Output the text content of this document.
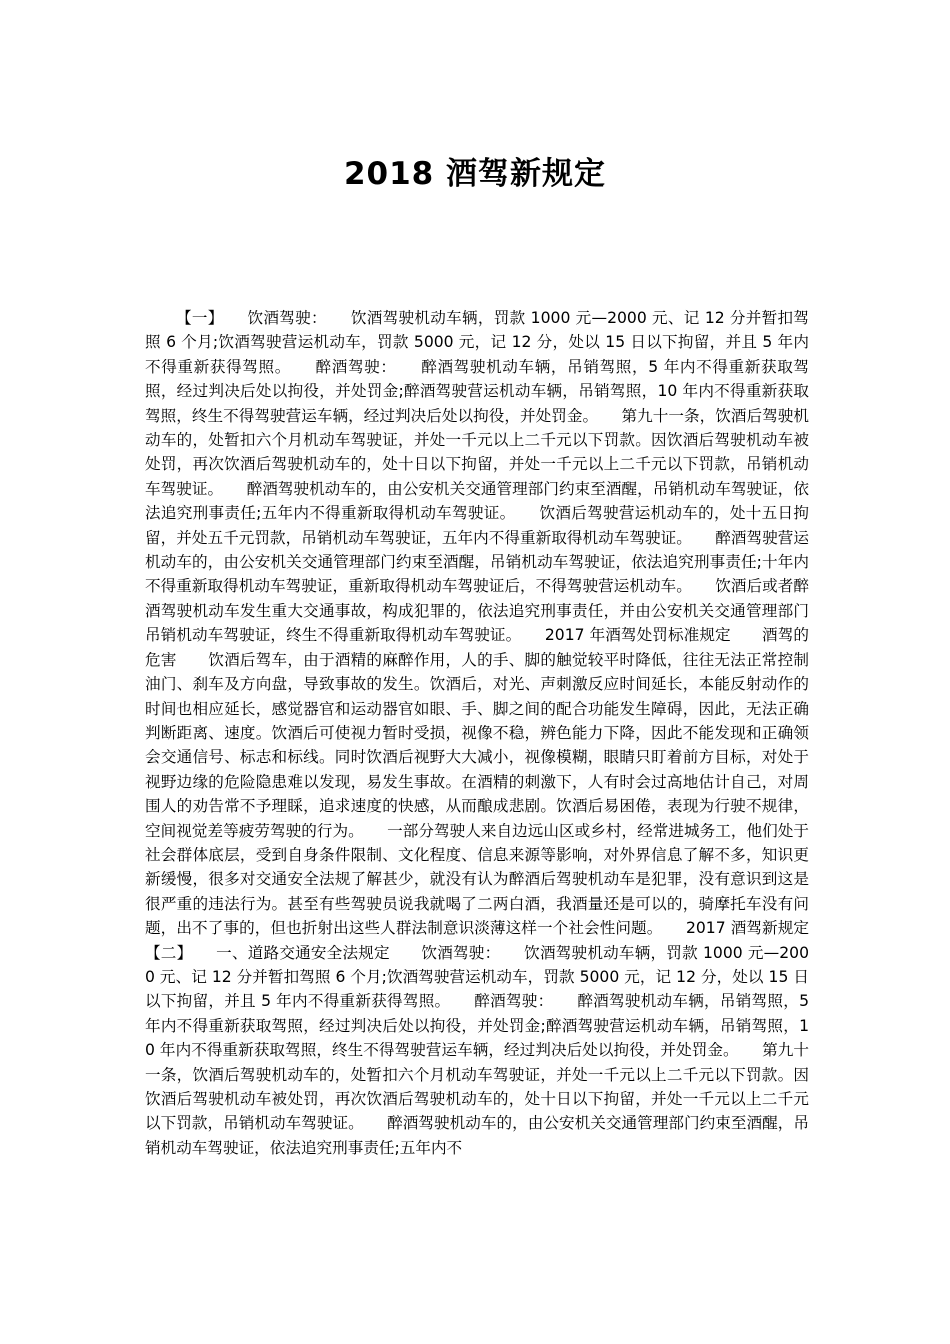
2018 酒驾新规定

【一】　　饮酒驾驶：　　饮酒驾驶机动车辆，罚款 1000 元—2000 元、记 12 分并暂扣驾照 6 个月;饮酒驾驶营运机动车，罚款 5000 元，记 12 分，处以 15 日以下拘留，并且 5 年内不得重新获得驾照。　　醉酒驾驶：　　醉酒驾驶机动车辆，吊销驾照，5 年内不得重新获取驾照，经过判决后处以拘役，并处罚金;醉酒驾驶营运机动车辆，吊销驾照，10 年内不得重新获取驾照，终生不得驾驶营运车辆，经过判决后处以拘役，并处罚金。　　第九十一条，饮酒后驾驶机动车的，处暂扣六个月机动车驾驶证，并处一千元以上二千元以下罚款。因饮酒后驾驶机动车被处罚，再次饮酒后驾驶机动车的，处十日以下拘留，并处一千元以上二千元以下罚款，吊销机动车驾驶证。　　醉酒驾驶机动车的，由公安机关交通管理部门约束至酒醒，吊销机动车驾驶证，依法追究刑事责任;五年内不得重新取得机动车驾驶证。　　饮酒后驾驶营运机动车的，处十五日拘留，并处五千元罚款，吊销机动车驾驶证，五年内不得重新取得机动车驾驶证。　　醉酒驾驶营运机动车的，由公安机关交通管理部门约束至酒醒，吊销机动车驾驶证，依法追究刑事责任;十年内不得重新取得机动车驾驶证，重新取得机动车驾驶证后，不得驾驶营运机动车。　　饮酒后或者醉酒驾驶机动车发生重大交通事故，构成犯罪的，依法追究刑事责任，并由公安机关交通管理部门吊销机动车驾驶证，终生不得重新取得机动车驾驶证。　　2017 年酒驾处罚标准规定　　酒驾的危害　　饮酒后驾车，由于酒精的麻醉作用，人的手、脚的触觉较平时降低，往往无法正常控制油门、刹车及方向盘，导致事故的发生。饮酒后，对光、声刺激反应时间延长，本能反射动作的时间也相应延长，感觉器官和运动器官如眼、手、脚之间的配合功能发生障碍，因此，无法正确判断距离、速度。饮酒后可使视力暂时受损，视像不稳，辨色能力下降，因此不能发现和正确领会交通信号、标志和标线。同时饮酒后视野大大减小，视像模糊，眼睛只盯着前方目标，对处于视野边缘的危险隐患难以发现，易发生事故。在酒精的刺激下，人有时会过高地估计自己，对周围人的劝告常不予理睬，追求速度的快感，从而酿成悲剧。饮酒后易困倦，表现为行驶不规律，空间视觉差等疲劳驾驶的行为。　　一部分驾驶人来自边远山区或乡村，经常进城务工，他们处于社会群体底层，受到自身条件限制、文化程度、信息来源等影响，对外界信息了解不多，知识更新缓慢，很多对交通安全法规了解甚少，就没有认为醉酒后驾驶机动车是犯罪，没有意识到这是很严重的违法行为。甚至有些驾驶员说我就喝了二两白酒，我酒量还是可以的，骑摩托车没有问题，出不了事的，但也折射出这些人群法制意识淡薄这样一个社会性问题。　　2017 酒驾新规定【二】　　一、道路交通安全法规定　　饮酒驾驶：　　饮酒驾驶机动车辆，罚款 1000 元—2000 元、记 12 分并暂扣驾照 6 个月;饮酒驾驶营运机动车，罚款 5000 元，记 12 分，处以 15 日以下拘留，并且 5 年内不得重新获得驾照。　　醉酒驾驶：　　醉酒驾驶机动车辆，吊销驾照，5 年内不得重新获取驾照，经过判决后处以拘役，并处罚金;醉酒驾驶营运机动车辆，吊销驾照，10 年内不得重新获取驾照，终生不得驾驶营运车辆，经过判决后处以拘役，并处罚金。　　第九十一条，饮酒后驾驶机动车的，处暂扣六个月机动车驾驶证，并处一千元以上二千元以下罚款。因饮酒后驾驶机动车被处罚，再次饮酒后驾驶机动车的，处十日以下拘留，并处一千元以上二千元以下罚款，吊销机动车驾驶证。　　醉酒驾驶机动车的，由公安机关交通管理部门约束至酒醒，吊销机动车驾驶证，依法追究刑事责任;五年内不
